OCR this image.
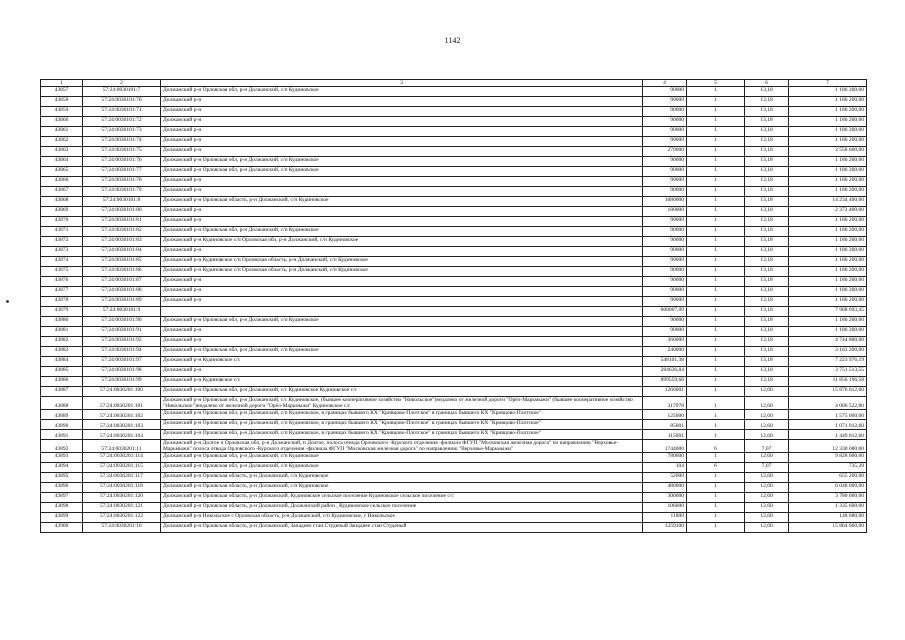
1142
1	2	3	4	5	6	7
43857	57:24:0030101:7	Должанский р-н Орловская обл, р-н Должанский, с/п Кудиновское	90000	1	13,18	1 186 200,00
43858	57:24:0030101:70	Должанский р-н	90000	1	13,18	1 186 200,00
43859	57:24:0030101:71	Должанский р-н	90000	1	13,18	1 186 200,00
43860	57:24:0030101:72	Должанский р-н	90000	1	13,18	1 186 200,00
43861	57:24:0030101:73	Должанский р-н	90000	1	13,18	1 186 200,00
43862	57:24:0030101:74	Должанский р-н	90000	1	13,18	1 186 200,00
43863	57:24:0030101:75	Должанский р-н	270000	1	13,18	3 558 600,00
43864	57:24:0030101:76	Должанский р-н Орловская обл, р-н Должанский, с/п Кудиновское	90000	1	13,18	1 186 200,00
43865	57:24:0030101:77	Должанский р-н Орловская обл, р-н Должанский, с/п Кудиновское	90000	1	13,18	1 186 200,00
43866	57:24:0030101:78	Должанский р-н	90000	1	13,18	1 186 200,00
43867	57:24:0030101:79	Должанский р-н	90000	1	13,18	1 186 200,00
43868	57:24:0030101:8	Должанский р-н Орловская область, р-н Должанский, с/п Кудиновское	1080000	1	13,18	14 234 400,00
43869	57:24:0030101:80	Должанский р-н	180000	1	13,18	2 372 400,00
43870	57:24:0030101:81	Должанский р-н	90000	1	13,18	1 186 200,00
43871	57:24:0030101:82	Должанский р-н Орловская обл, р-н Должанский, с/п Кудиновское	90000	1	13,18	1 186 200,00
43872	57:24:0030101:83	Должанский р-н Кудиновское с/п Орловская обл, р-н Должанский, с/п Кудиновское	90000	1	13,18	1 186 200,00
43873	57:24:0030101:84	Должанский р-н	90000	1	13,18	1 186 200,00
43874	57:24:0030101:85	Должанский р-н Кудиновское с/п Орловская область, р-н Должанский, с/п Кудиновское	90000	1	13,18	1 186 200,00
43875	57:24:0030101:86	Должанский р-н Кудиновское с/п Орловская область, р-н Должанский, с/п Кудиновское	90000	1	13,18	1 186 200,00
43876	57:24:0030101:87	Должанский р-н	90000	1	13,18	1 186 200,00
43877	57:24:0030101:88	Должанский р-н	90000	1	13,18	1 186 200,00
43878	57:24:0030101:89	Должанский р-н	90000	1	13,18	1 186 200,00
43879	57:24:0030101:9		600007,09	1	13,18	7 908 093,45
43880	57:24:0030101:90	Должанский р-н Орловская обл, р-н Должанский, с/п Кудиновское	90000	1	13,18	1 186 200,00
43881	57:24:0030101:91	Должанский р-н	90000	1	13,18	1 186 200,00
43882	57:24:0030101:92	Должанский р-н	360000	1	13,18	4 744 800,00
43883	57:24:0030101:94	Должанский р-н Орловская обл, р-н Должанский, с/п Кудиновское	240000	1	13,18	3 163 200,00
43884	57:24:0030101:97	Должанский р-н Кудиновское с/с	548101,38	1	13,18	7 223 976,19
43885	57:24:0030101:98	Должанский р-н	284636,84	1	13,18	3 751 513,55
43886	57:24:0030101:99	Должанский р-н Кудиновское с/с	899559,68	1	13,18	11 856 196,58
43887	57:24:0030201:100	Должанский р-н Орловская обл, р-н Должанский, с/с Кудиновское Кудиновское с/с	1260001	1	12,60	15 876 012,60
43888	57:24:0030201:101	Должанский р-н Орловская обл, р-н Должанский, с/с Кудиновское, (бывшее кооперативное хозяйство "Никольское")недалеко от железной дороги "Орёл-Марьмыжи" (бывшее кооперативное хозяйство "Никольское")недалеко от железной дороги "Орёл-Марьмыжи" Кудиновское с/с	317978	1	12,60	4 006 522,80
43889	57:24:0030201:102	Должанский р-н Орловская обл, р-н Должанский, с/п Кудиновское, в границах бывшего КХ "Кривцово-Плотское" в границах бывшего КХ "Кривцово-Плотское"	125000	1	12,60	1 575 000,00
43890	57:24:0030201:103	Должанский р-н Орловская обл, р-н Должанский, с/п Кудиновское, в границах бывшего КХ "Кривцово-Плотское" в границах бывшего КХ "Кривцово-Плотское"	85001	1	12,60	1 071 012,60
43891	57:24:0030201:104	Должанский р-н Орловская обл, р-н Должанский, с/п Кудиновское, в границах бывшего КХ "Кривцово-Плотское" в границах бывшего КХ "Кривцово-Плотское"	115001	1	12,60	1 449 012,60
43892	57:24:0030201:11	Должанский р-н Долгое п Орловская обл, р-н Должанский, п Долгое, полоса отвода Орловского -Курского отделения -филиала ФГУП "Московская железная дорога" по направлению "Верховье-Марьмыжи" полоса отвода Орловского -Курского отделения -филиала ФГУП "Московская железная дорога" по направлению "Верховье-Марьмыжи"	1744000	6	7,07	12 330 080,00
43893	57:24:0030201:114	Должанский р-н Орловская обл, р-н Должанский, с/п Кудиновское	780000	1	12,60	9 828 000,00
43894	57:24:0030201:115	Должанский р-н Орловская обл, р-н Должанский, с/п Кудиновское	104	6	7,07	735,28
43895	57:24:0030201:117	Должанский р-н Орловская область, р-н Должанский, с/п Кудиновское	52000	1	12,60	655 200,00
43896	57:24:0030201:118	Должанский р-н Орловская область, р-н Должанский, с/п Кудиновское	480000	1	12,60	6 048 000,00
43897	57:24:0030201:120	Должанский р-н Орловская область, р-н Должанский, Кудиновское сельское поселение Кудиновское сельское поселение с/с	300000	1	12,60	3 780 000,00
43898	57:24:0030201:121	Должанский р-н Орловская область, р-н Должанский, Должанский район , Кудиновское сельское поселение	106000	1	12,60	1 335 600,00
43899	57:24:0030201:122	Должанский р-н Никольское с Орловская область, р-н Должанский, с/п Кудиновское, с Никольское	11800	1	12,60	148 680,00
43900	57:24:0030201:16	Должанский р-н Орловская область, р-н Должанский, Западнее стан.Студеный Западнее стан Студеный	1259100	1	12,60	15 864 660,00
